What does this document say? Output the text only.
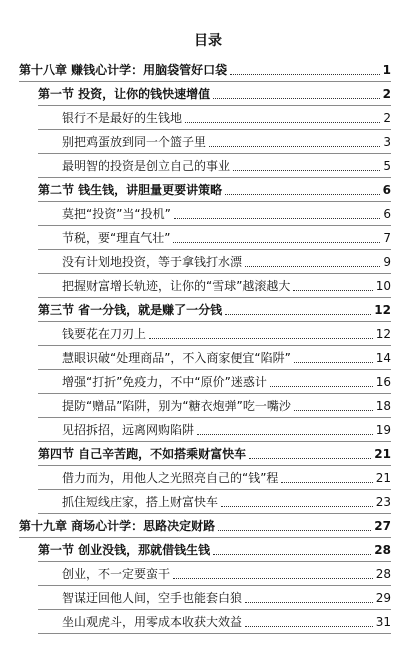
目录
第十八章 赚钱心计学：用脑袋管好口袋	1
第一节 投资，让你的钱快速增值	2
银行不是最好的生钱地	2
别把鸡蛋放到同一个篮子里	3
最明智的投资是创立自己的事业	5
第二节 钱生钱，讲胆量更要讲策略	6
莫把“投资”当“投机”	6
节税，要“理直气壮”	7
没有计划地投资，等于拿钱打水漂	9
把握财富增长轨迹，让你的“雪球”越滚越大	10
第三节 省一分钱，就是赚了一分钱	12
钱要花在刀刃上	12
慧眼识破“处理商品”，不入商家便宜“陷阱”	14
增强“打折”免疫力，不中“原价”迷惑计	16
提防“赠品”陷阱，别为“糖衣炮弹”吃一嘴沙	18
见招拆招，远离网购陷阱	19
第四节 自己辛苦跑，不如搭乘财富快车	21
借力而为，用他人之光照亮自己的“钱”程	21
抓住短线庄家，搭上财富快车	23
第十九章 商场心计学：思路决定财路	27
第一节 创业没钱，那就借钱生钱	28
创业，不一定要蛮干	28
智谋迂回他人间，空手也能套白狼	29
坐山观虎斗，用零成本收获大效益	31
